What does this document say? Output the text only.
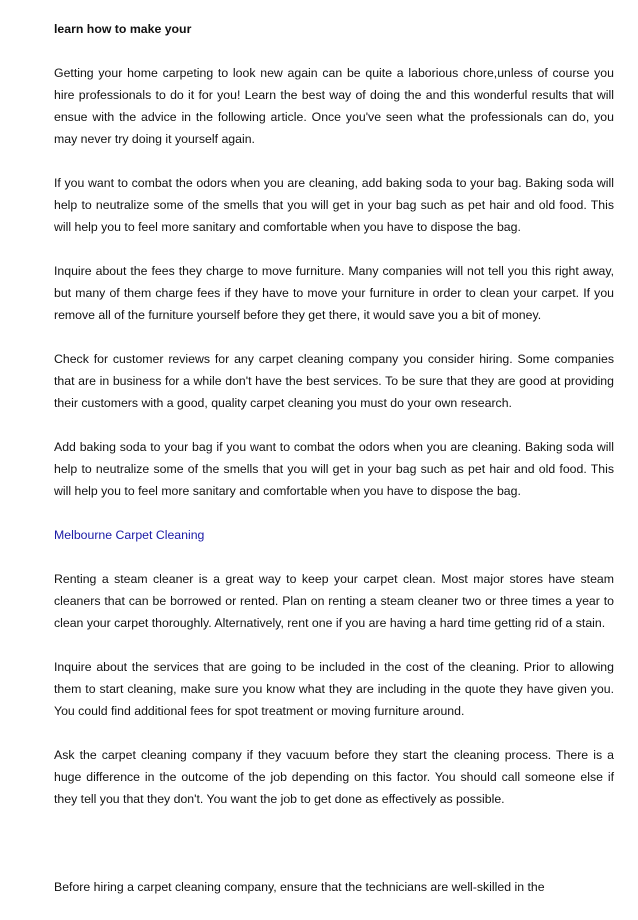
learn how to make your

Getting your home carpeting to look new again can be quite a laborious chore,unless of course you hire professionals to do it for you! Learn the best way of doing the and this wonderful results that will ensue with the advice in the following article. Once you've seen what the professionals can do, you may never try doing it yourself again.

If you want to combat the odors when you are cleaning, add baking soda to your bag. Baking soda will help to neutralize some of the smells that you will get in your bag such as pet hair and old food. This will help you to feel more sanitary and comfortable when you have to dispose the bag.

Inquire about the fees they charge to move furniture. Many companies will not tell you this right away, but many of them charge fees if they have to move your furniture in order to clean your carpet. If you remove all of the furniture yourself before they get there, it would save you a bit of money.

Check for customer reviews for any carpet cleaning company you consider hiring. Some companies that are in business for a while don't have the best services. To be sure that they are good at providing their customers with a good, quality carpet cleaning you must do your own research.

Add baking soda to your bag if you want to combat the odors when you are cleaning. Baking soda will help to neutralize some of the smells that you will get in your bag such as pet hair and old food. This will help you to feel more sanitary and comfortable when you have to dispose the bag.

Melbourne Carpet Cleaning

Renting a steam cleaner is a great way to keep your carpet clean. Most major stores have steam cleaners that can be borrowed or rented. Plan on renting a steam cleaner two or three times a year to clean your carpet thoroughly. Alternatively, rent one if you are having a hard time getting rid of a stain.

Inquire about the services that are going to be included in the cost of the cleaning. Prior to allowing them to start cleaning, make sure you know what they are including in the quote they have given you. You could find additional fees for spot treatment or moving furniture around.

Ask the carpet cleaning company if they vacuum before they start the cleaning process. There is a huge difference in the outcome of the job depending on this factor. You should call someone else if they tell you that they don't. You want the job to get done as effectively as possible.

Before hiring a carpet cleaning company, ensure that the technicians are well-skilled in the
